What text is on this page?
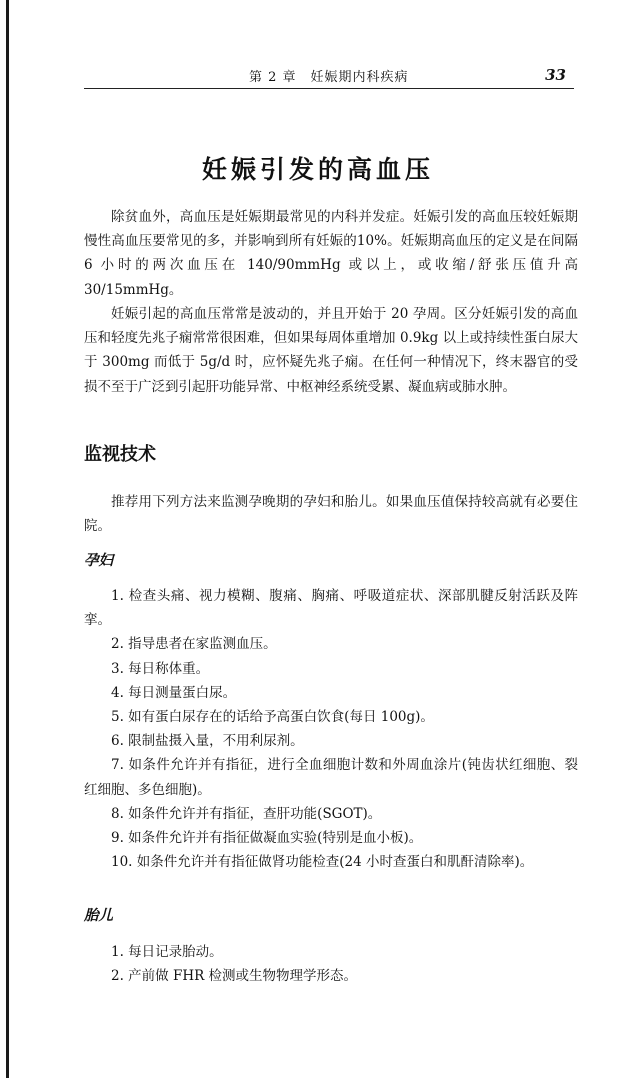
第 2 章　妊娠期内科疾病	33
妊娠引发的高血压

除贫血外，高血压是妊娠期最常见的内科并发症。妊娠引发的高血压较妊娠期慢性高血压要常见的多，并影响到所有妊娠的10%。妊娠期高血压的定义是在间隔 6 小时的两次血压在 140/90mmHg 或以上，或收缩/舒张压值升高 30/15mmHg。

妊娠引起的高血压常常是波动的，并且开始于 20 孕周。区分妊娠引发的高血压和轻度先兆子痫常常很困难，但如果每周体重增加 0.9kg 以上或持续性蛋白尿大于 300mg 而低于 5g/d 时，应怀疑先兆子痫。在任何一种情况下，终末器官的受损不至于广泛到引起肝功能异常、中枢神经系统受累、凝血病或肺水肿。

监视技术

推荐用下列方法来监测孕晚期的孕妇和胎儿。如果血压值保持较高就有必要住院。

孕妇
1. 检查头痛、视力模糊、腹痛、胸痛、呼吸道症状、深部肌腱反射活跃及阵挛。
2. 指导患者在家监测血压。
3. 每日称体重。
4. 每日测量蛋白尿。
5. 如有蛋白尿存在的话给予高蛋白饮食(每日 100g)。
6. 限制盐摄入量，不用利尿剂。
7. 如条件允许并有指征，进行全血细胞计数和外周血涂片(钝齿状红细胞、裂红细胞、多色细胞)。
8. 如条件允许并有指征，查肝功能(SGOT)。
9. 如条件允许并有指征做凝血实验(特别是血小板)。
10. 如条件允许并有指征做肾功能检查(24 小时查蛋白和肌酐清除率)。
胎儿
1. 每日记录胎动。
2. 产前做 FHR 检测或生物物理学形态。
